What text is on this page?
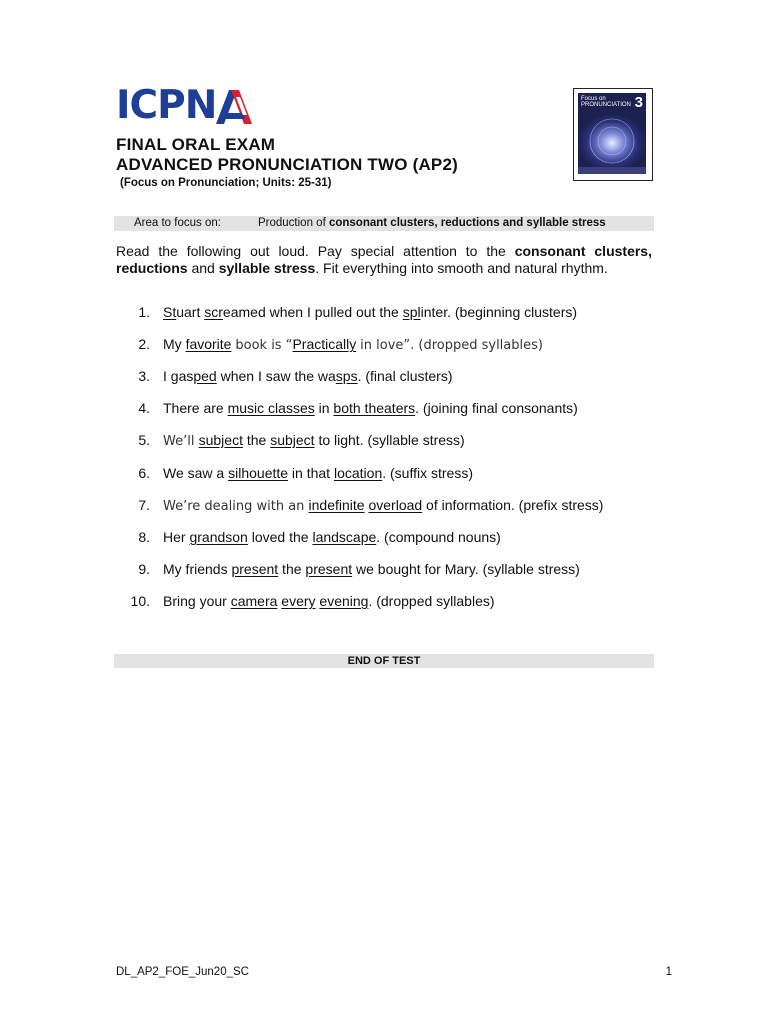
ICPN	Focus on
PRONUNCIATION 3
FINAL ORAL EXAM
ADVANCED PRONUNCIATION TWO (AP2)
(Focus on Pronunciation; Units: 25-31)
Area to focus on:	Production of consonant clusters, reductions and syllable stress
Read the following out loud. Pay special attention to the consonant clusters, reductions and syllable stress. Fit everything into smooth and natural rhythm.
1. Stuart screamed when I pulled out the splinter. (beginning clusters)
2. My favorite book is “Practically in love”. (dropped syllables)
3. I gasped when I saw the wasps. (final clusters)
4. There are music classes in both theaters. (joining final consonants)
5. We’ll subject the subject to light. (syllable stress)
6. We saw a silhouette in that location. (suffix stress)
7. We’re dealing with an indefinite overload of information. (prefix stress)
8. Her grandson loved the landscape. (compound nouns)
9. My friends present the present we bought for Mary. (syllable stress)
10. Bring your camera every evening. (dropped syllables)
END OF TEST
DL_AP2_FOE_Jun20_SC	1
